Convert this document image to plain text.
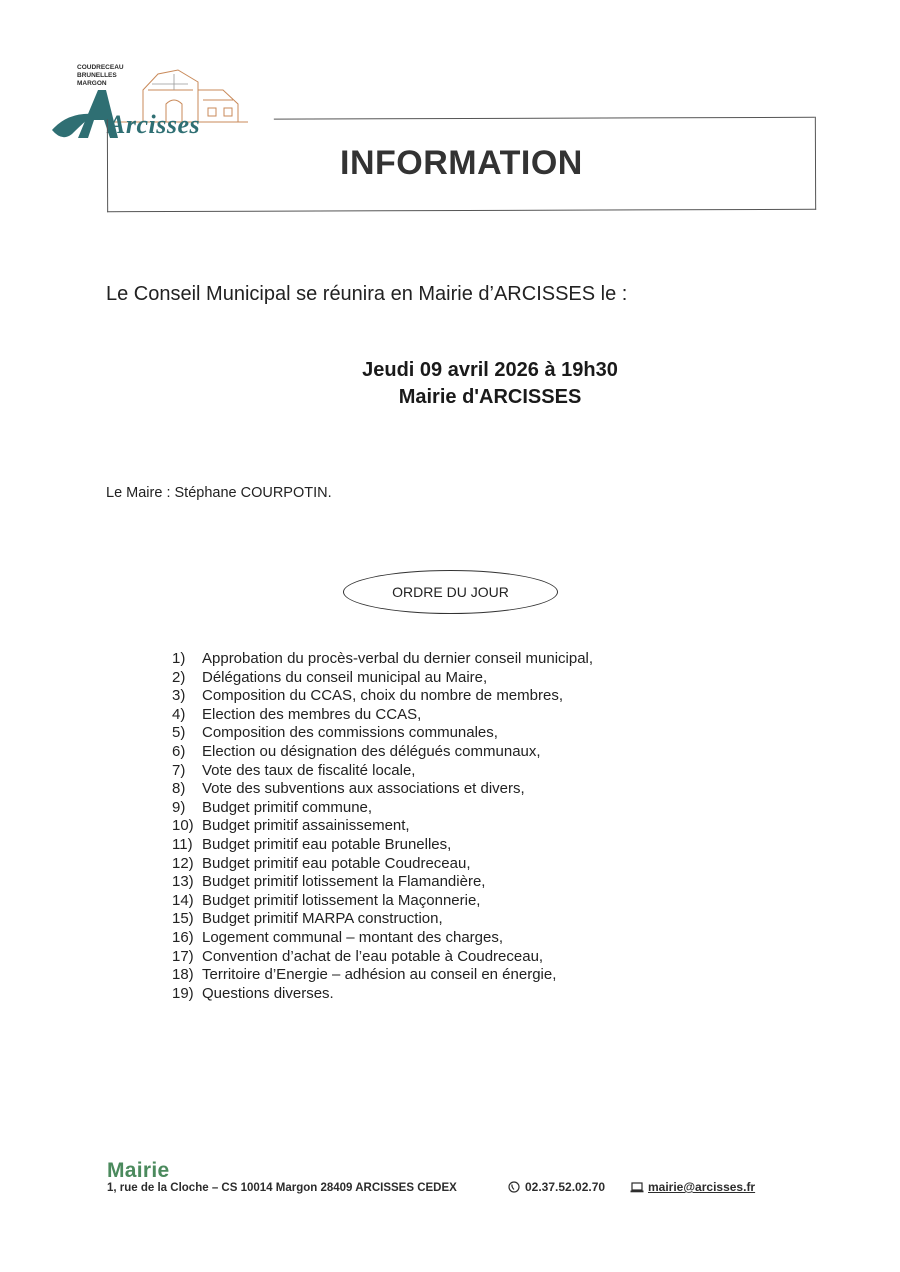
COUDRECEAU
BRUNELLES
MARGON
Arcisses
INFORMATION
Le Conseil Municipal se réunira en Mairie d’ARCISSES le :
Jeudi 09 avril 2026 à 19h30
Mairie d'ARCISSES
Le Maire : Stéphane COURPOTIN.
ORDRE DU JOUR
1)	Approbation du procès-verbal du dernier conseil municipal,
2)	Délégations du conseil municipal au Maire,
3)	Composition du CCAS, choix du nombre de membres,
4)	Election des membres du CCAS,
5)	Composition des commissions communales,
6)	Election ou désignation des délégués communaux,
7)	Vote des taux de fiscalité locale,
8)	Vote des subventions aux associations et divers,
9)	Budget primitif commune,
10) Budget primitif assainissement,
11) Budget primitif eau potable Brunelles,
12) Budget primitif eau potable Coudreceau,
13) Budget primitif lotissement la Flamandière,
14) Budget primitif lotissement la Maçonnerie,
15) Budget primitif MARPA construction,
16) Logement communal – montant des charges,
17) Convention d’achat de l’eau potable à Coudreceau,
18) Territoire d’Energie – adhésion au conseil en énergie,
19) Questions diverses.
Mairie
1, rue de la Cloche – CS 10014 Margon 28409 ARCISSES CEDEX	02.37.52.02.70	mairie@arcisses.fr
